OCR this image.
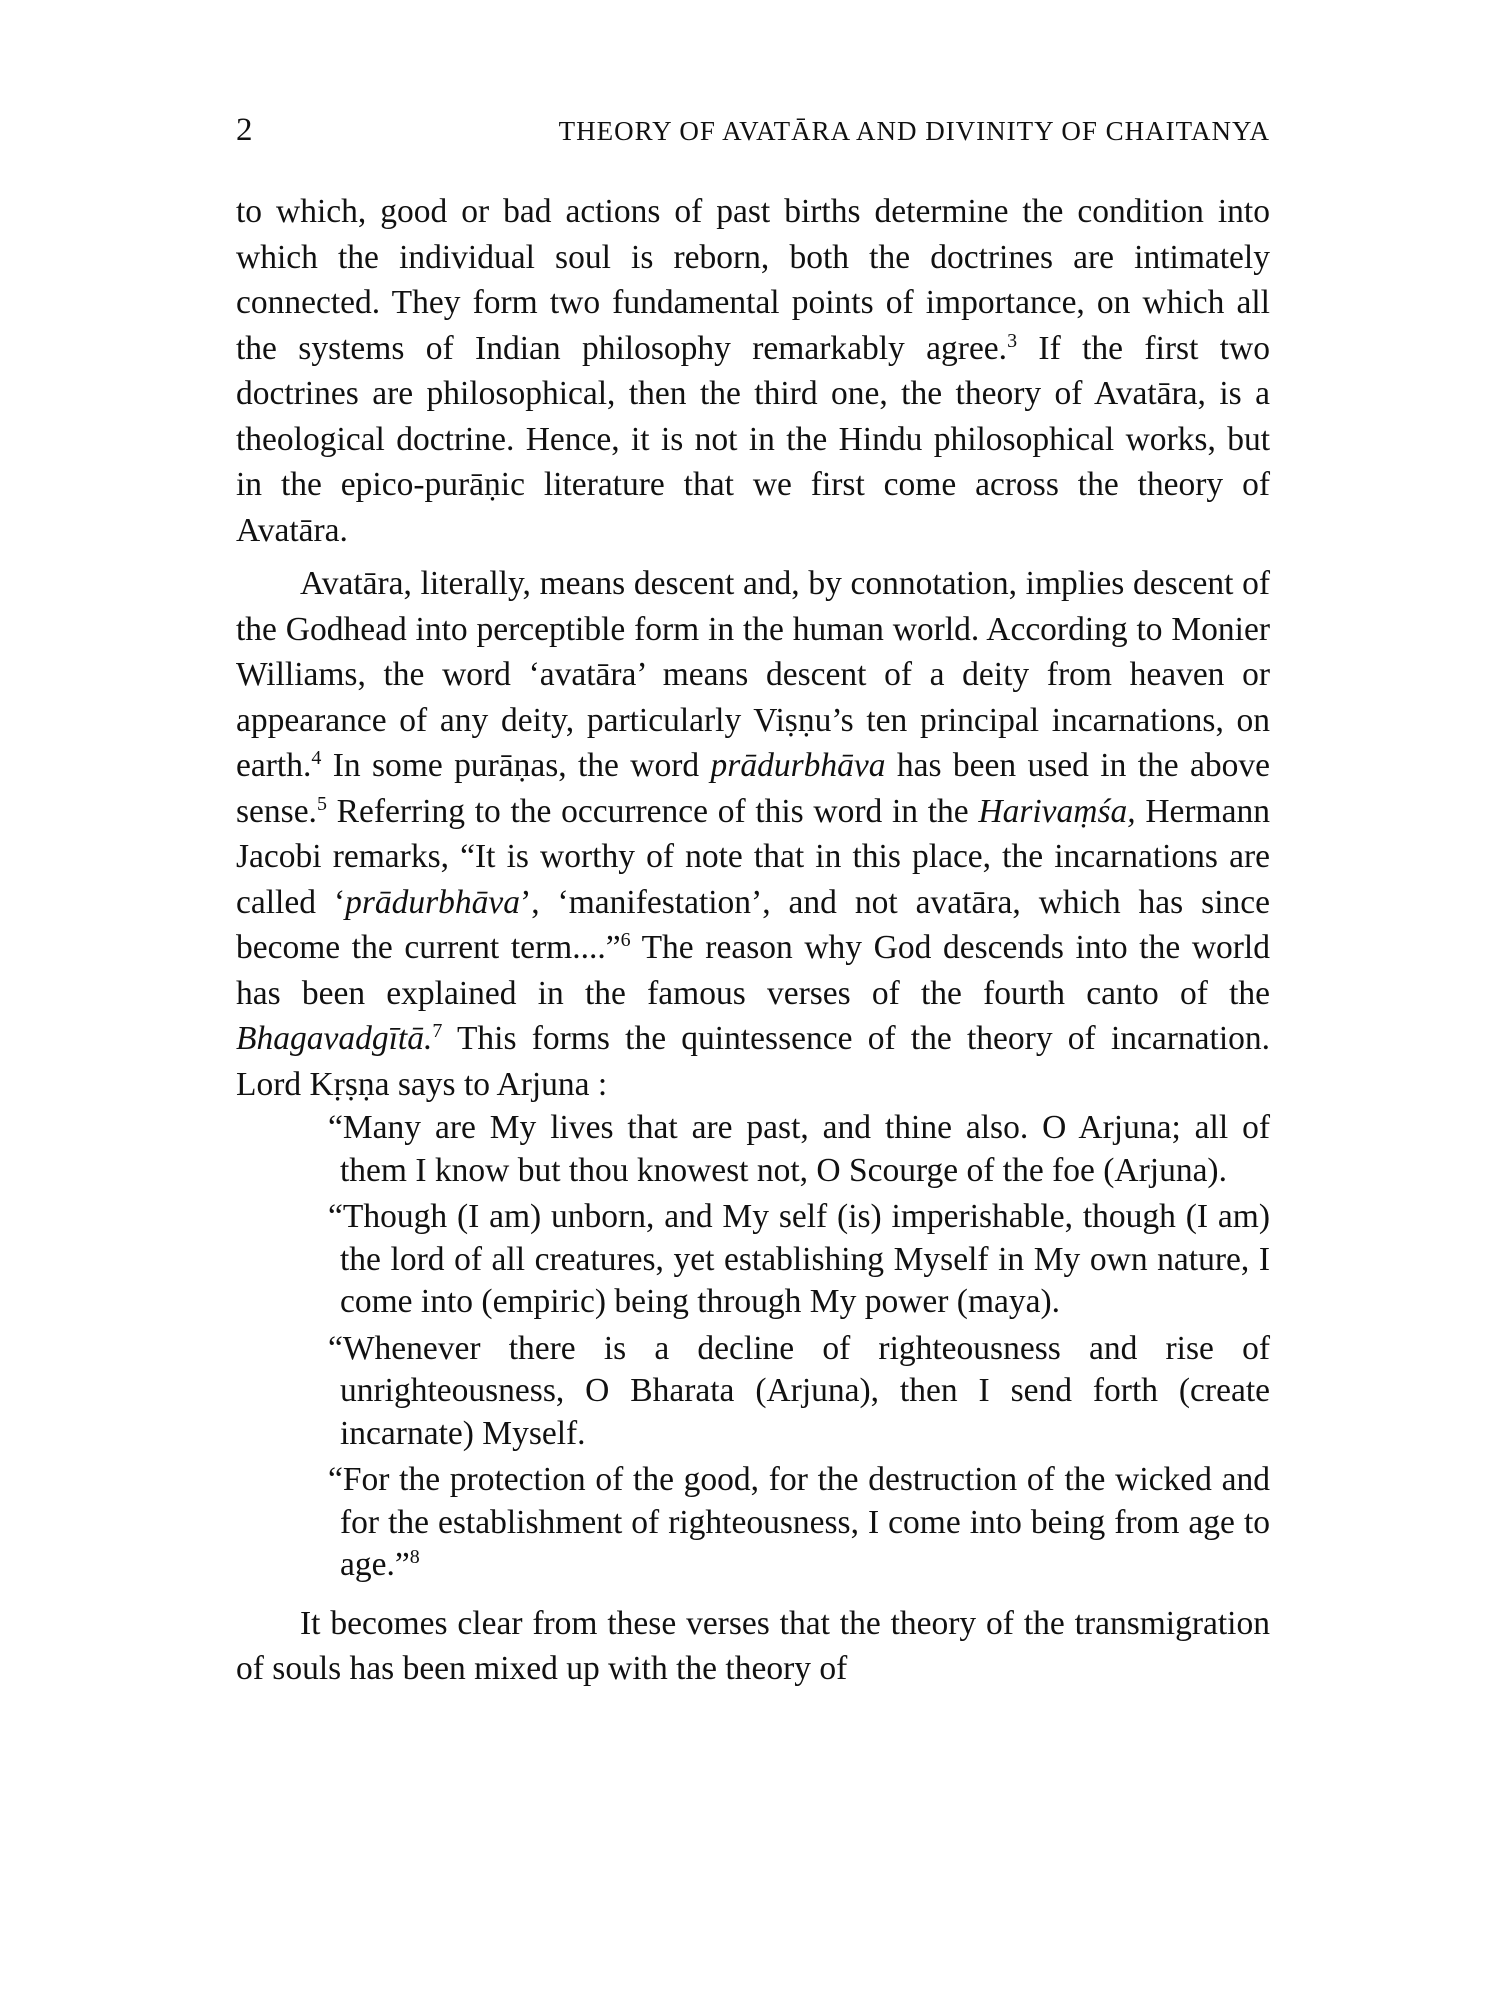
2	THEORY OF AVATĀRA AND DIVINITY OF CHAITANYA

to which, good or bad actions of past births determine the condition into which the individual soul is reborn, both the doctrines are intimately connected. They form two fundamental points of importance, on which all the systems of Indian philosophy remarkably agree.$^3$ If the first two doctrines are philosophical, then the third one, the theory of Avatāra, is a theological doctrine. Hence, it is not in the Hindu philosophical works, but in the epico-purāṇic literature that we first come across the theory of Avatāra.

Avatāra, literally, means descent and, by connotation, implies descent of the Godhead into perceptible form in the human world. According to Monier Williams, the word ‘avatāra’ means descent of a deity from heaven or appearance of any deity, particularly Viṣṇu’s ten principal incarnations, on earth.$^4$ In some purāṇas, the word prādurbhāva has been used in the above sense.$^5$ Referring to the occurrence of this word in the Harivaṃśa, Hermann Jacobi remarks, “It is worthy of note that in this place, the incarnations are called ‘prādurbhāva’, ‘manifestation’, and not avatāra, which has since become the current term....”$^6$ The reason why God descends into the world has been explained in the famous verses of the fourth canto of the Bhagavadgītā.$^7$ This forms the quintessence of the theory of incarnation. Lord Kṛṣṇa says to Arjuna :

“Many are My lives that are past, and thine also. O Arjuna; all of them I know but thou knowest not, O Scourge of the foe (Arjuna).

“Though (I am) unborn, and My self (is) imperishable, though (I am) the lord of all creatures, yet establishing Myself in My own nature, I come into (empiric) being through My power (maya).

“Whenever there is a decline of righteousness and rise of unrighteousness, O Bharata (Arjuna), then I send forth (create incarnate) Myself.

“For the protection of the good, for the destruction of the wicked and for the establishment of righteousness, I come into being from age to age.”$^8$

It becomes clear from these verses that the theory of the transmigration of souls has been mixed up with the theory of
